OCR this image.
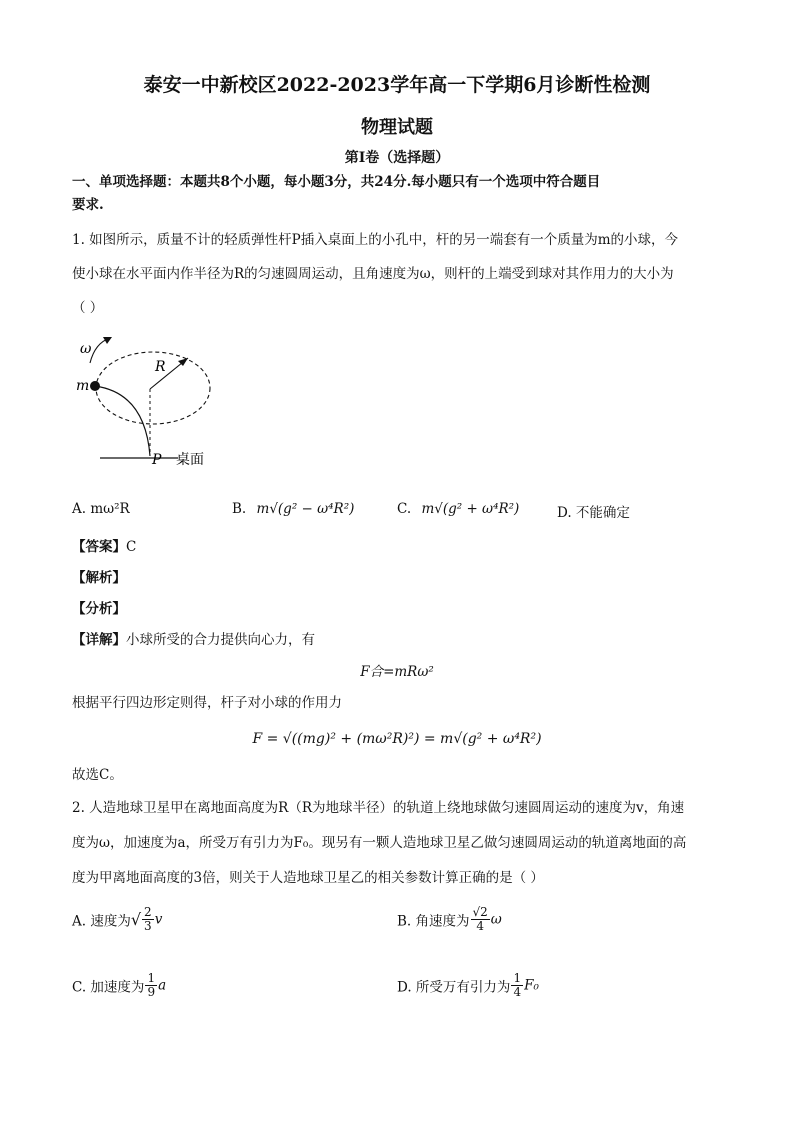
泰安一中新校区2022-2023学年高一下学期6月诊断性检测
物理试题
第Ⅰ卷（选择题）
一、单项选择题：本题共8个小题，每小题3分，共24分.每小题只有一个选项中符合题目
要求.
1. 如图所示，质量不计的轻质弹性杆P插入桌面上的小孔中，杆的另一端套有一个质量为m的小球，今
使小球在水平面内作半径为R的匀速圆周运动，且角速度为ω，则杆的上端受到球对其作用力的大小为
（ ）
ω
R
m
P 桌面
A. mω²R	B. m√(g² − ω⁴R²)	C. m√(g² + ω⁴R²)	D. 不能确定
【答案】C
【解析】
【分析】
【详解】小球所受的合力提供向心力，有
F合=mRω²
根据平行四边形定则得，杆子对小球的作用力
F = √((mg)² + (mω²R)²) = m√(g² + ω⁴R²)
故选C。
2. 人造地球卫星甲在离地面高度为R（R为地球半径）的轨道上绕地球做匀速圆周运动的速度为v，角速
度为ω，加速度为a，所受万有引力为F₀。现另有一颗人造地球卫星乙做匀速圆周运动的轨道离地面的高
度为甲离地面高度的3倍，则关于人造地球卫星乙的相关参数计算正确的是（ ）
A. 速度为√ $\frac{2}{3}$ v	B. 角速度为 $\frac{√2}{4}$ ω
C. 加速度为 $\frac{1}{9}$ a	D. 所受万有引力为 $\frac{1}{4} F_0$
